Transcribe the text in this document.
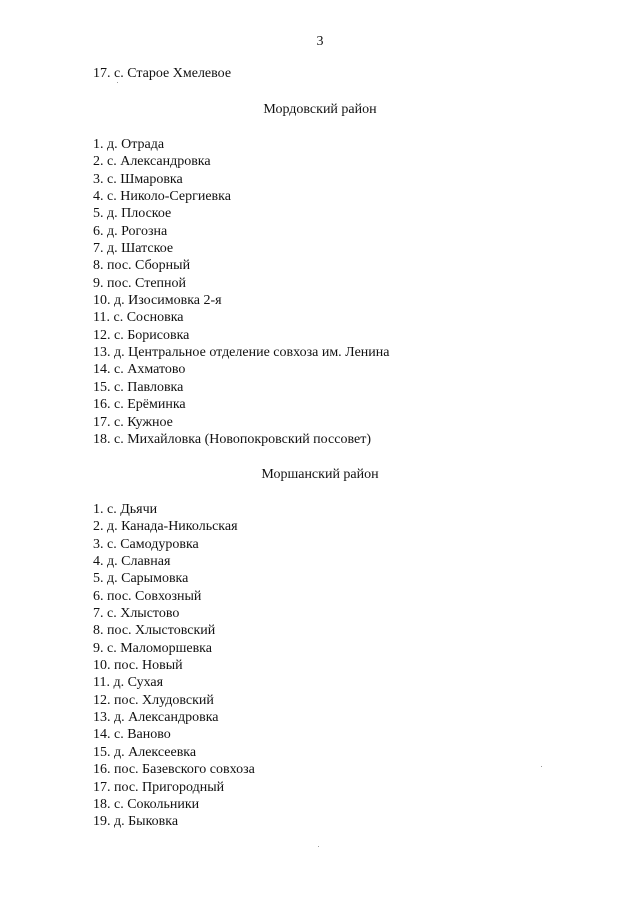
3
17. с. Старое Хмелевое
Мордовский район
1. д. Отрада
2. с. Александровка
3. с. Шмаровка
4. с. Николо-Сергиевка
5. д. Плоское
6. д. Рогозна
7. д. Шатское
8. пос. Сборный
9. пос. Степной
10. д. Изосимовка 2-я
11. с. Сосновка
12. с. Борисовка
13. д. Центральное отделение совхоза им. Ленина
14. с. Ахматово
15. с. Павловка
16. с. Ерёминка
17. с. Кужное
18. с. Михайловка (Новопокровский поссовет)
Моршанский район
1. с. Дьячи
2. д. Канада-Никольская
3. с. Самодуровка
4. д. Славная
5. д. Сарымовка
6. пос. Совхозный
7. с. Хлыстово
8. пос. Хлыстовский
9. с. Маломоршевка
10. пос. Новый
11. д. Сухая
12. пос. Хлудовский
13. д. Александровка
14. с. Ваново
15. д. Алексеевка
16. пос. Базевского совхоза
17. пос. Пригородный
18. с. Сокольники
19. д. Быковка
